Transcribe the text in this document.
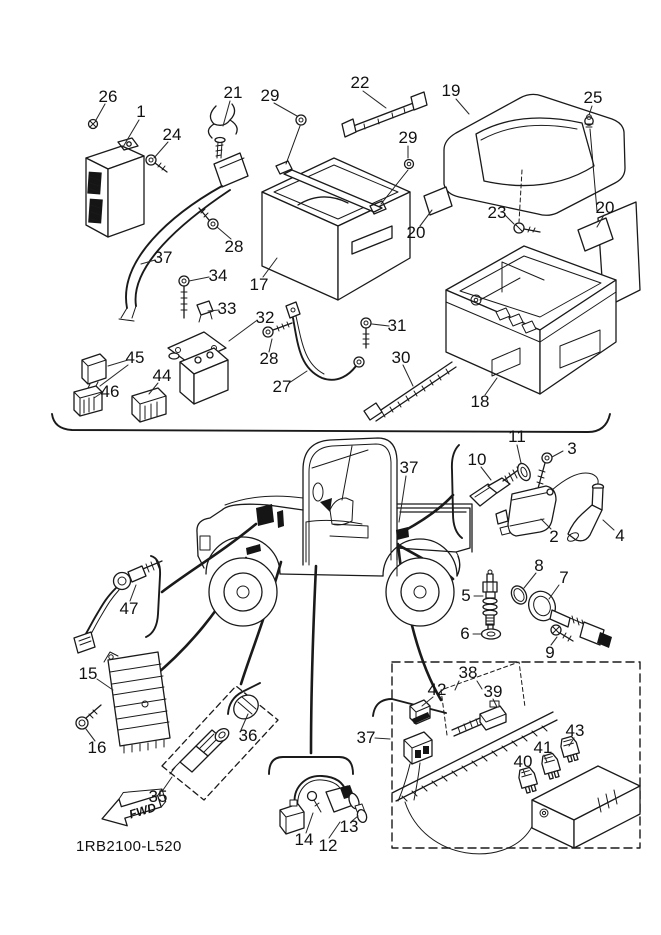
FWD
26
1
24
21 29
22
29
19	25
23
20
20
17
28
37
34
33 32
28
27
31
30
45
46
44
18
37
11
10
3
2	4
8
7
5
6
9
47
15
16
36
35
38
39
42
40
41
43
37
14 12
13
1RB2100-L520
